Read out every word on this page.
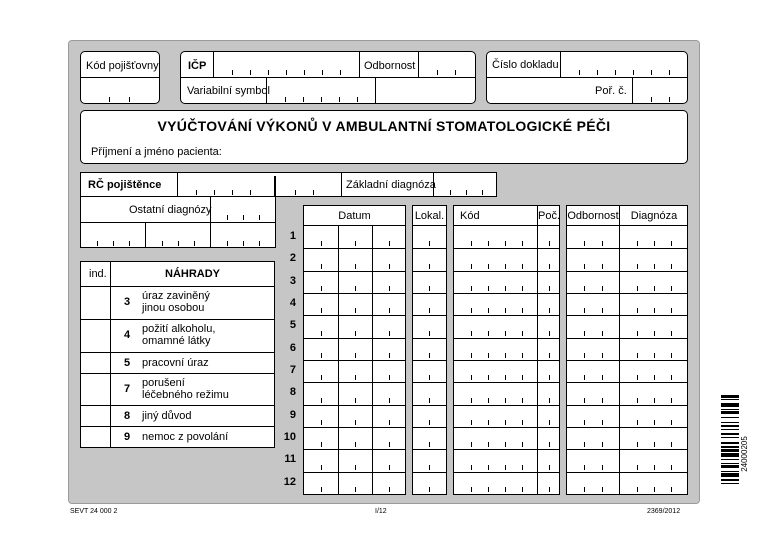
Kód pojišťovny	IČP	Odbornost
Variabilní symbol
Číslo dokladu
Poř. č.
VYÚČTOVÁNÍ VÝKONŮ V AMBULANTNÍ STOMATOLOGICKÉ PÉČI
Příjmení a jméno pacienta:
RČ pojištěnce	Základní diagnóza
Ostatní diagnózy
ind.	NÁHRADY
3	úraz zaviněný
jinou osobou
4	požití alkoholu,
omamné látky
5	pracovní úraz
7	porušení
léčebného režimu
8	jiný důvod
9	nemoc z povolání
Datum	Lokal. Kód	Poč. Odbornost	Diagnóza
1
2
3
4
5
6
7
8
9
10
11
12
SEVT 24 000 2	I/12	2369/2012
24000205
